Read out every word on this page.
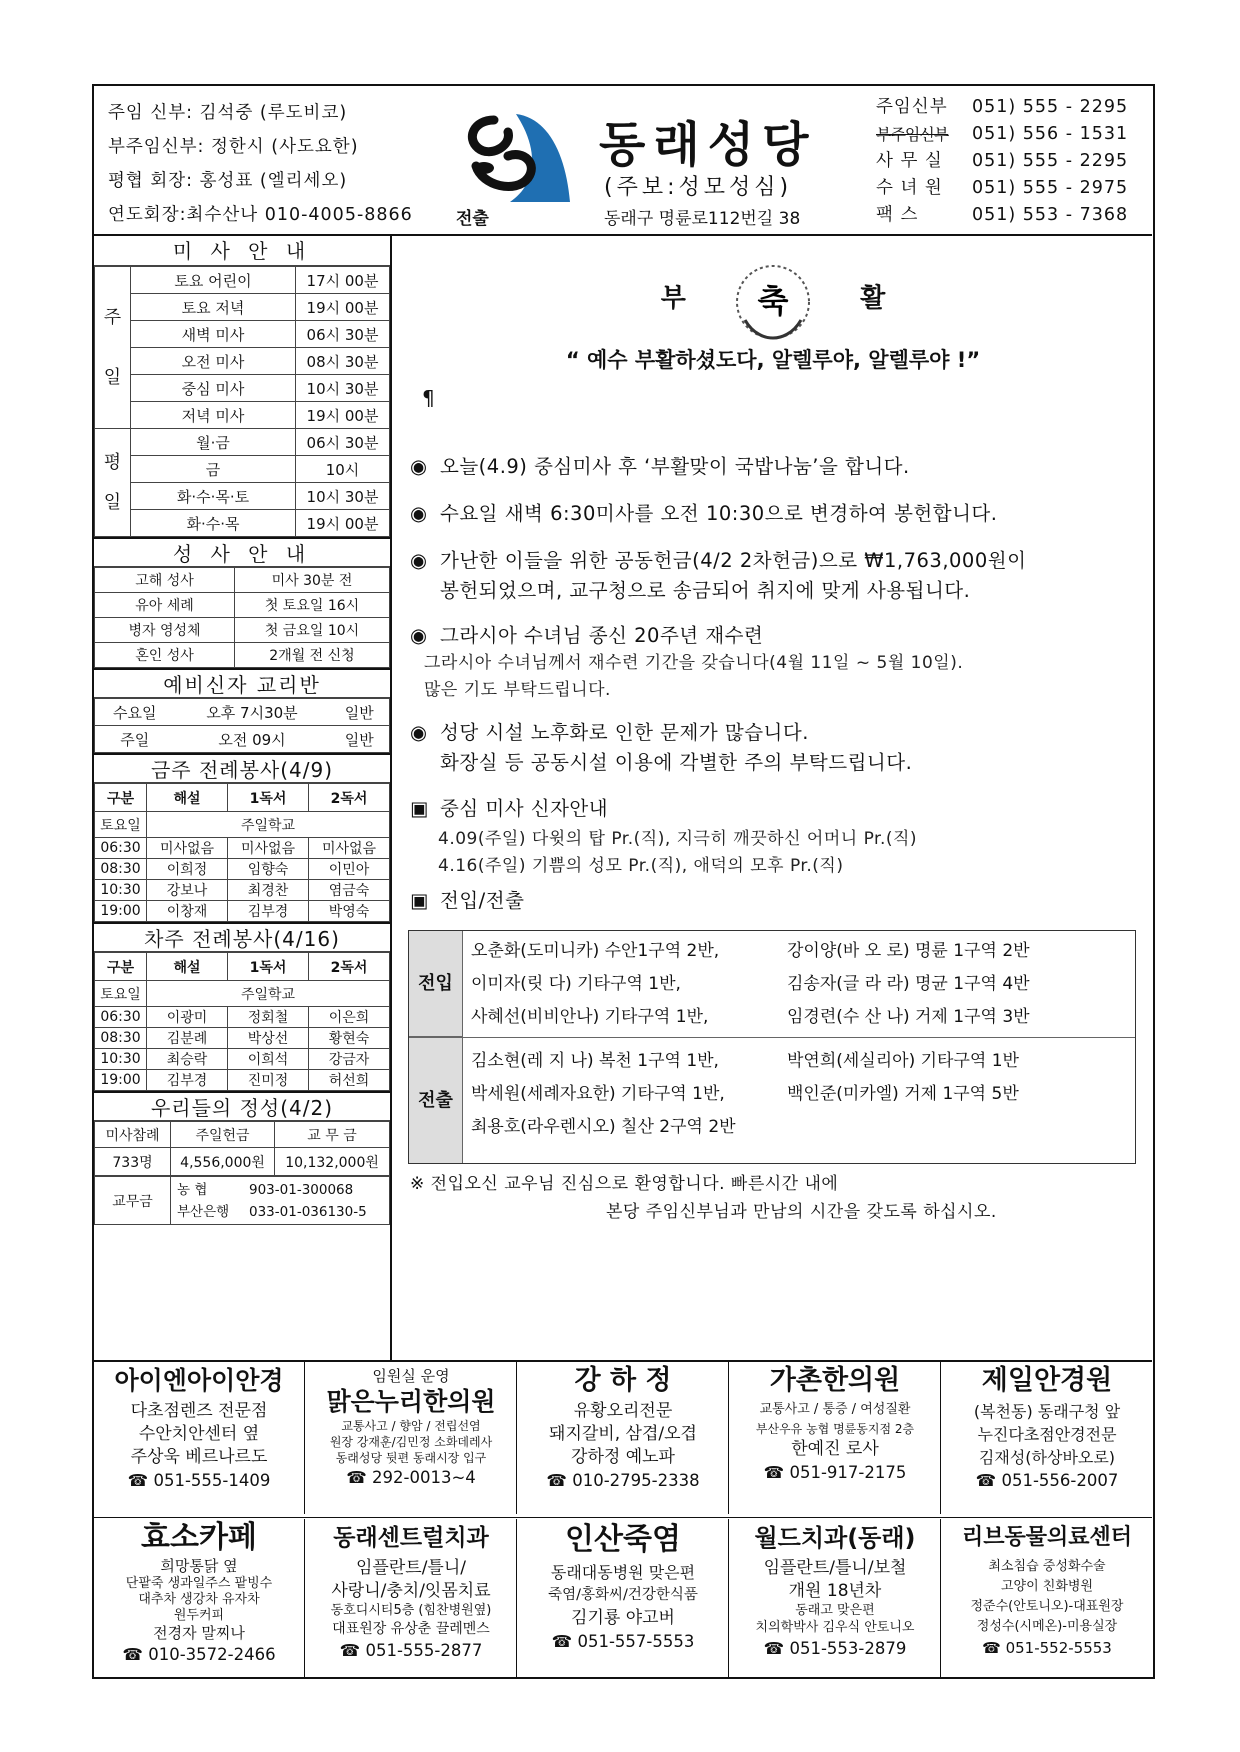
주임 신부: 김석중 (루도비코)
부주임신부: 정한시 (사도요한)
평협 회장: 홍성표 (엘리세오)
연도회장:최수산나 010-4005-8866	전출
동래성당
(주보:성모성심)
동래구 명륜로112번길 38
주임신부	051) 555 - 2295
부주임신부	051) 556 - 1531
사 무 실	051) 555 - 2295
수 녀 원	051) 555 - 2975
팩 스	051) 553 - 7368
미 사 안 내
주
일	토요 어린이	17시 00분
	토요 저녁	19시 00분
	새벽 미사	06시 30분
	오전 미사	08시 30분
	중심 미사	10시 30분
	저녁 미사	19시 00분
평
일	월·금	06시 30분
	금	10시
	화·수·목·토	10시 30분
	화·수·목	19시 00분
성 사 안 내
고해 성사	미사 30분 전
유아 세례	첫 토요일 16시
병자 영성체	첫 금요일 10시
혼인 성사	2개월 전 신청
예비신자 교리반
수요일	오후 7시30분	일반
주일	오전 09시	일반
금주 전례봉사(4/9)
구분	해설	1독서	2독서
토요일	주일학교		
06:30	미사없음	미사없음	미사없음
08:30	이희정	임향숙	이민아
10:30	강보나	최경찬	염금숙
19:00	이창재	김부경	박영숙
차주 전례봉사(4/16)
구분	해설	1독서	2독서
토요일	주일학교		
06:30	이광미	정회철	이은희
08:30	김분례	박상선	황현숙
10:30	최승락	이희석	강금자
19:00	김부경	진미정	허선희
우리들의 정성(4/2)
미사참례	주일헌금	교 무 금
733명	4,556,000원	10,132,000원
교무금	
농 협	903-01-300068
부산은행 033-01-036130-5
부 축	활
“ 예수 부활하셨도다, 알렐루야, 알렐루야 !”
¶
◉ 오늘(4.9) 중심미사 후 ‘부활맞이 국밥나눔’을 합니다.
◉ 수요일 새벽 6:30미사를 오전 10:30으로 변경하여 봉헌합니다.
◉ 가난한 이들을 위한 공동헌금(4/2 2차헌금)으로 ₩1,763,000원이
봉헌되었으며, 교구청으로 송금되어 취지에 맞게 사용됩니다.
◉ 그라시아 수녀님 종신 20주년 재수련
그라시아 수녀님께서 재수련 기간을 갖습니다(4월 11일 ~ 5월 10일).
많은 기도 부탁드립니다.
◉ 성당 시설 노후화로 인한 문제가 많습니다.
화장실 등 공동시설 이용에 각별한 주의 부탁드립니다.
▣ 중심 미사 신자안내
4.09(주일) 다윗의 탑 Pr.(직), 지극히 깨끗하신 어머니 Pr.(직)
4.16(주일) 기쁨의 성모 Pr.(직), 애덕의 모후 Pr.(직)
▣ 전입/전출
전입
오춘화(도미니카) 수안1구역 2반,	강이양(바 오 로) 명륜 1구역 2반
이미자(릿 다) 기타구역 1반,	김송자(글 라 라) 명균 1구역 4반
사혜선(비비안나) 기타구역 1반,	임경련(수 산 나) 거제 1구역 3반
전출
김소현(레 지 나) 복천 1구역 1반,	박연희(세실리아) 기타구역 1반
박세원(세례자요한) 기타구역 1반,	백인준(미카엘) 거제 1구역 5반
최용호(라우렌시오) 칠산 2구역 2반
※ 전입오신 교우님 진심으로 환영합니다. 빠른시간 내에
본당 주임신부님과 만남의 시간을 갖도록 하십시오.
아이엔아이안경
다초점렌즈 전문점
수안치안센터 옆
주상욱 베르나르도
☎ 051-555-1409
임원실 운영
맑은누리한의원
교통사고 / 향암 / 전립선염
원장 강재훈/김민정 소화데레사
동래성당 뒷편 동래시장 입구
☎ 292-0013~4
강 하 정
유황오리전문
돼지갈비, 삼겹/오겹
강하정 예노파
☎ 010-2795-2338
가촌한의원
교통사고 / 통증 / 여성질환
부산우유 농협 명륜동지점 2층
한예진 로사
☎ 051-917-2175
제일안경원
(복천동) 동래구청 앞
누진다초점안경전문
김재성(하상바오로)
☎ 051-556-2007
효소카페
희망통닭 옆
단팥죽 생과일주스 팥빙수
대추차 생강차 유자차
원두커피
전경자 말찌나
☎ 010-3572-2466
동래센트럴치과
임플란트/틀니/
사랑니/충치/잇몸치료
동호디시티5층 (힘찬병원옆)
대표원장 유상춘 끌레멘스
☎ 051-555-2877
인산죽염
동래대동병원 맞은편
죽염/홍화씨/건강한식품
김기룡 야고버
☎ 051-557-5553
월드치과(동래)
임플란트/틀니/보철
개원 18년차
동래고 맞은편
치의학박사 김우식 안토니오
☎ 051-553-2879
리브동물의료센터
최소침습 중성화수술
고양이 친화병원
정준수(안토니오)-대표원장
정성수(시메온)-미용실장
☎ 051-552-5553
